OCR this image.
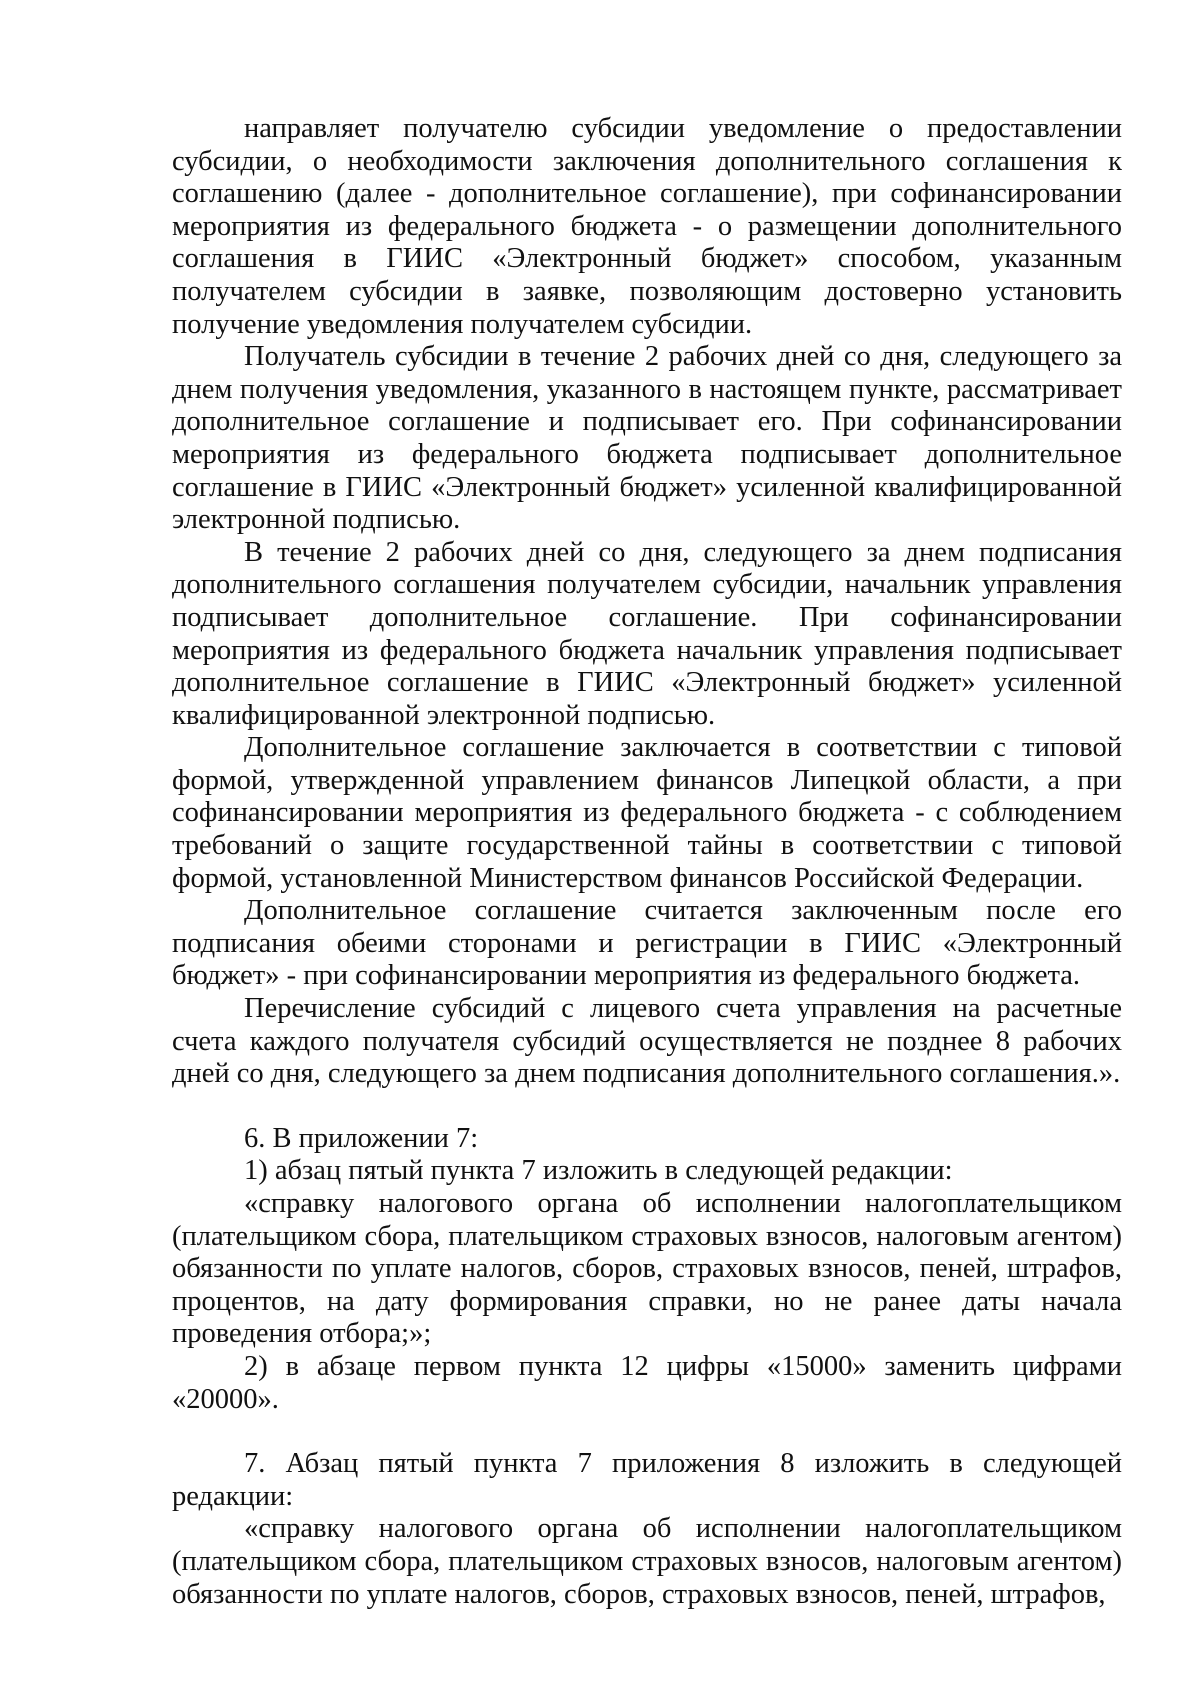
направляет получателю субсидии уведомление о предоставлении субсидии, о необходимости заключения дополнительного соглашения к соглашению (далее - дополнительное соглашение), при софинансировании мероприятия из федерального бюджета - о размещении дополнительного соглашения в ГИИС «Электронный бюджет» способом, указанным получателем субсидии в заявке, позволяющим достоверно установить получение уведомления получателем субсидии.

Получатель субсидии в течение 2 рабочих дней со дня, следующего за днем получения уведомления, указанного в настоящем пункте, рассматривает дополнительное соглашение и подписывает его. При софинансировании мероприятия из федерального бюджета подписывает дополнительное соглашение в ГИИС «Электронный бюджет» усиленной квалифицированной электронной подписью.

В течение 2 рабочих дней со дня, следующего за днем подписания дополнительного соглашения получателем субсидии, начальник управления подписывает дополнительное соглашение. При софинансировании мероприятия из федерального бюджета начальник управления подписывает дополнительное соглашение в ГИИС «Электронный бюджет» усиленной квалифицированной электронной подписью.

Дополнительное соглашение заключается в соответствии с типовой формой, утвержденной управлением финансов Липецкой области, а при софинансировании мероприятия из федерального бюджета - с соблюдением требований о защите государственной тайны в соответствии с типовой формой, установленной Министерством финансов Российской Федерации.

Дополнительное соглашение считается заключенным после его подписания обеими сторонами и регистрации в ГИИС «Электронный бюджет» - при софинансировании мероприятия из федерального бюджета.

Перечисление субсидий с лицевого счета управления на расчетные счета каждого получателя субсидий осуществляется не позднее 8 рабочих дней со дня, следующего за днем подписания дополнительного соглашения.».

6. В приложении 7:

1) абзац пятый пункта 7 изложить в следующей редакции:

«справку налогового органа об исполнении налогоплательщиком (плательщиком сбора, плательщиком страховых взносов, налоговым агентом) обязанности по уплате налогов, сборов, страховых взносов, пеней, штрафов, процентов, на дату формирования справки, но не ранее даты начала проведения отбора;»;

2) в абзаце первом пункта 12 цифры «15000» заменить цифрами «20000».

7. Абзац пятый пункта 7 приложения 8 изложить в следующей редакции:

«справку налогового органа об исполнении налогоплательщиком (плательщиком сбора, плательщиком страховых взносов, налоговым агентом) обязанности по уплате налогов, сборов, страховых взносов, пеней, штрафов,
